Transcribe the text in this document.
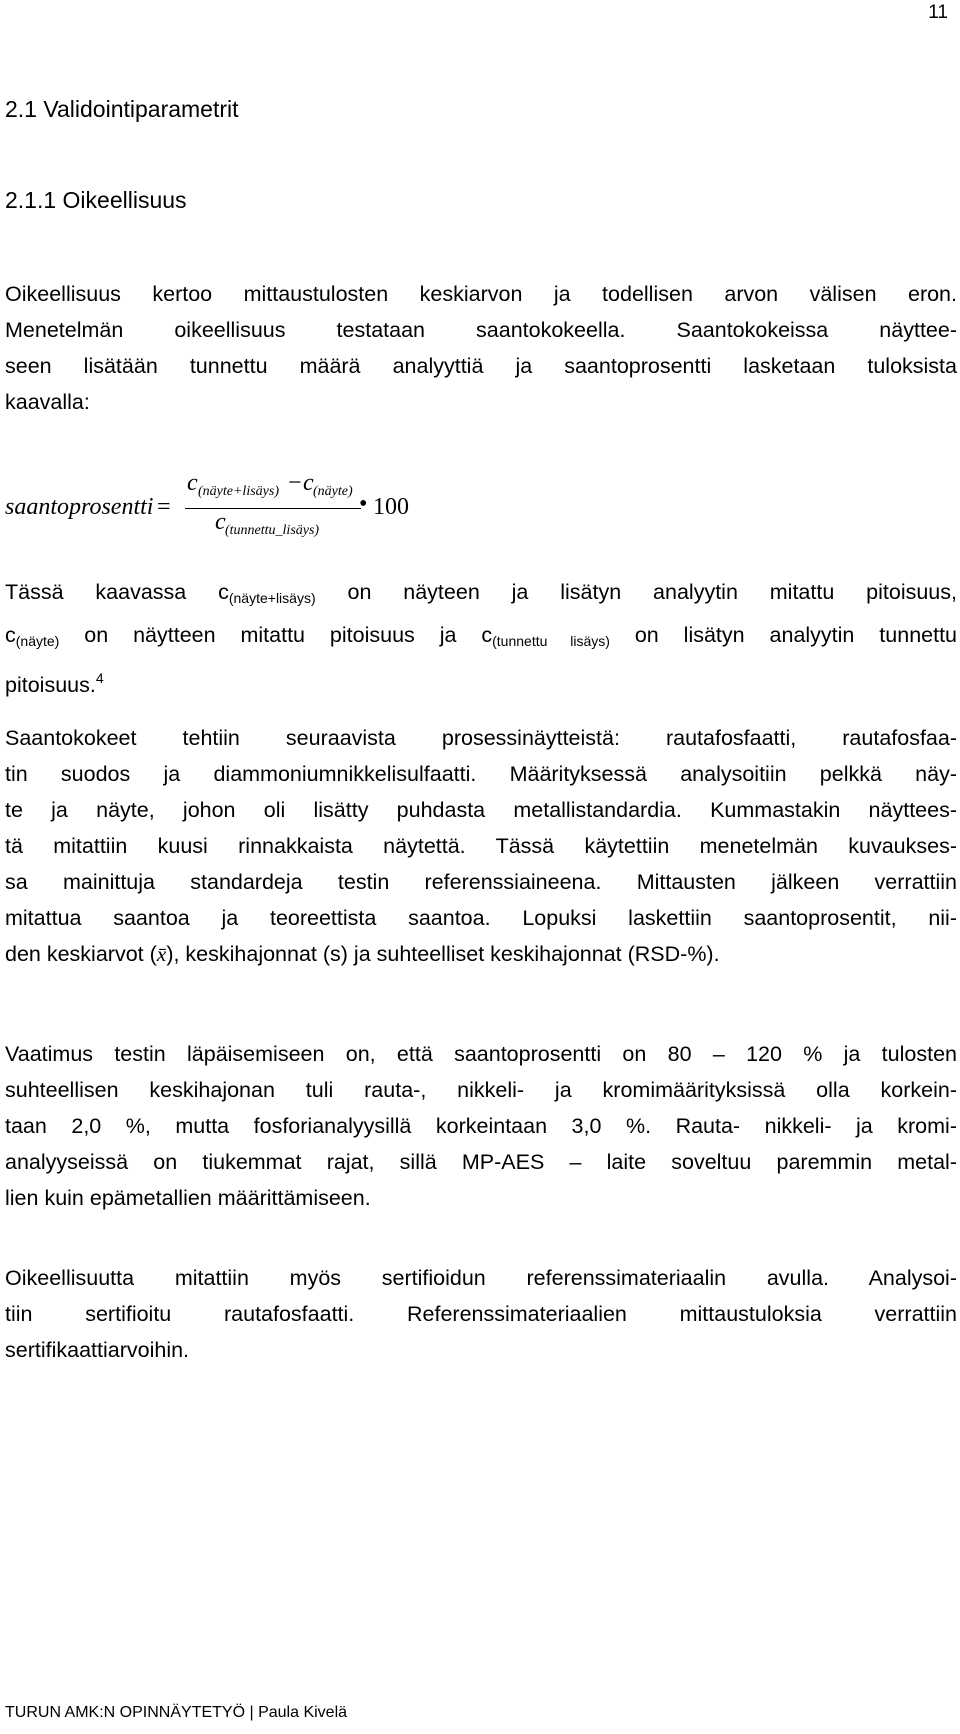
11
2.1 Validointiparametrit
2.1.1 Oikeellisuus
Oikeellisuus kertoo mittaustulosten keskiarvon ja todellisen arvon välisen eron.
Menetelmän oikeellisuus testataan saantokokeella. Saantokokeissa näyttee-
seen lisätään tunnettu määrä analyyttiä ja saantoprosentti lasketaan tuloksista
kaavalla:
saantoprosentti =
c (näyte+lisäys) − c (näyte)
c (tunnettu_lisäys)
• 100
Tässä kaavassa $c_{(näyte+lisäys)}$ on näyteen ja lisätyn analyytin mitattu pitoisuus,
$c_{(näyte)}$ on näytteen mitattu pitoisuus ja $c_{(tunnettu lisäys)}$ on lisätyn analyytin tunnettu
pitoisuus.$^4$
Saantokokeet tehtiin seuraavista prosessinäytteistä: rautafosfaatti, rautafosfaa-
tin suodos ja diammoniumnikkelisulfaatti. Määrityksessä analysoitiin pelkkä näy-
te ja näyte, johon oli lisätty puhdasta metallistandardia. Kummastakin näyttees-
tä mitattiin kuusi rinnakkaista näytettä. Tässä käytettiin menetelmän kuvaukses-
sa mainittuja standardeja testin referenssiaineena. Mittausten jälkeen verrattiin
mitattua saantoa ja teoreettista saantoa. Lopuksi laskettiin saantoprosentit, nii-
den keskiarvot (x̄), keskihajonnat (s) ja suhteelliset keskihajonnat (RSD-%).
Vaatimus testin läpäisemiseen on, että saantoprosentti on 80 – 120 % ja tulosten
suhteellisen keskihajonan tuli rauta-, nikkeli- ja kromimäärityksissä olla korkein-
taan 2,0 %, mutta fosforianalyysillä korkeintaan 3,0 %. Rauta- nikkeli- ja kromi-
analyyseissä on tiukemmat rajat, sillä MP-AES – laite soveltuu paremmin metal-
lien kuin epämetallien määrittämiseen.
Oikeellisuutta mitattiin myös sertifioidun referenssimateriaalin avulla. Analysoi-
tiin sertifioitu rautafosfaatti. Referenssimateriaalien mittaustuloksia verrattiin
sertifikaattiarvoihin.
TURUN AMK:N OPINNÄYTETYÖ | Paula Kivelä
